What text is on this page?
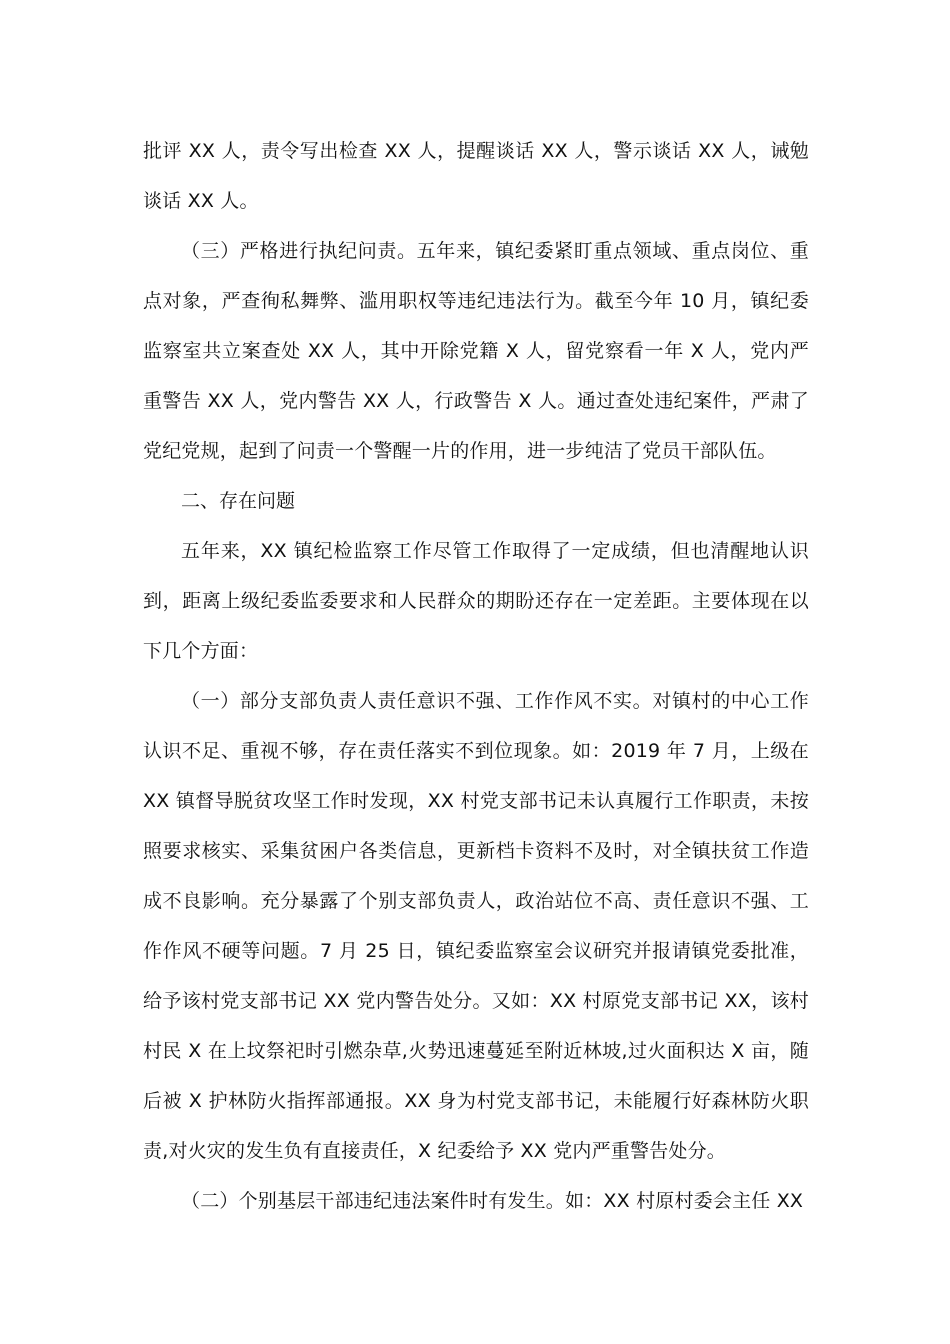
批评 XX 人，责令写出检查 XX 人，提醒谈话 XX 人，警示谈话 XX 人，诫勉谈话 XX 人。

（三）严格进行执纪问责。五年来，镇纪委紧盯重点领域、重点岗位、重点对象，严查徇私舞弊、滥用职权等违纪违法行为。截至今年 10 月，镇纪委监察室共立案查处 XX 人，其中开除党籍 X 人，留党察看一年 X 人，党内严重警告 XX 人，党内警告 XX 人，行政警告 X 人。通过查处违纪案件，严肃了党纪党规，起到了问责一个警醒一片的作用，进一步纯洁了党员干部队伍。

二、存在问题

五年来，XX 镇纪检监察工作尽管工作取得了一定成绩，但也清醒地认识到，距离上级纪委监委要求和人民群众的期盼还存在一定差距。主要体现在以下几个方面：

（一）部分支部负责人责任意识不强、工作作风不实。对镇村的中心工作认识不足、重视不够，存在责任落实不到位现象。如：2019 年 7 月，上级在 XX 镇督导脱贫攻坚工作时发现，XX 村党支部书记未认真履行工作职责，未按照要求核实、采集贫困户各类信息，更新档卡资料不及时，对全镇扶贫工作造成不良影响。充分暴露了个别支部负责人，政治站位不高、责任意识不强、工作作风不硬等问题。7 月 25 日，镇纪委监察室会议研究并报请镇党委批准，给予该村党支部书记 XX 党内警告处分。又如：XX 村原党支部书记 XX，该村村民 X 在上坟祭祀时引燃杂草,火势迅速蔓延至附近林坡,过火面积达 X 亩，随后被 X 护林防火指挥部通报。XX 身为村党支部书记，未能履行好森林防火职责,对火灾的发生负有直接责任，X 纪委给予 XX 党内严重警告处分。

（二）个别基层干部违纪违法案件时有发生。如：XX 村原村委会主任 XX
